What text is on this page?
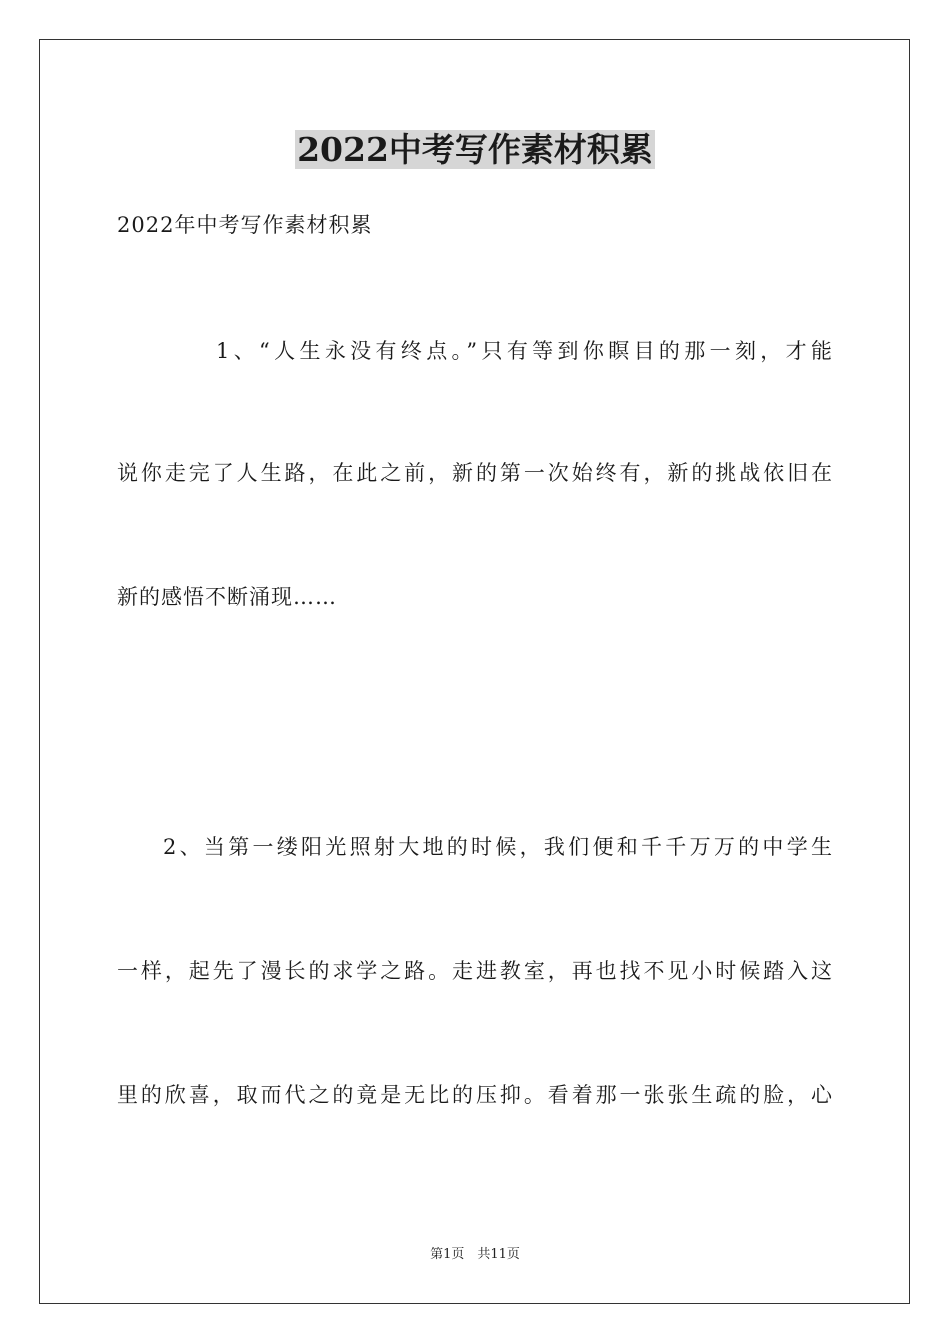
2022中考写作素材积累
2022年中考写作素材积累
1、“人生永没有终点。”只有等到你瞑目的那一刻，才能
说你走完了人生路，在此之前，新的第一次始终有，新的挑战依旧在
新的感悟不断涌现……
2、当第一缕阳光照射大地的时候，我们便和千千万万的中学生
一样，起先了漫长的求学之路。走进教室，再也找不见小时候踏入这
里的欣喜，取而代之的竟是无比的压抑。看着那一张张生疏的脸，心
第1页　共11页
